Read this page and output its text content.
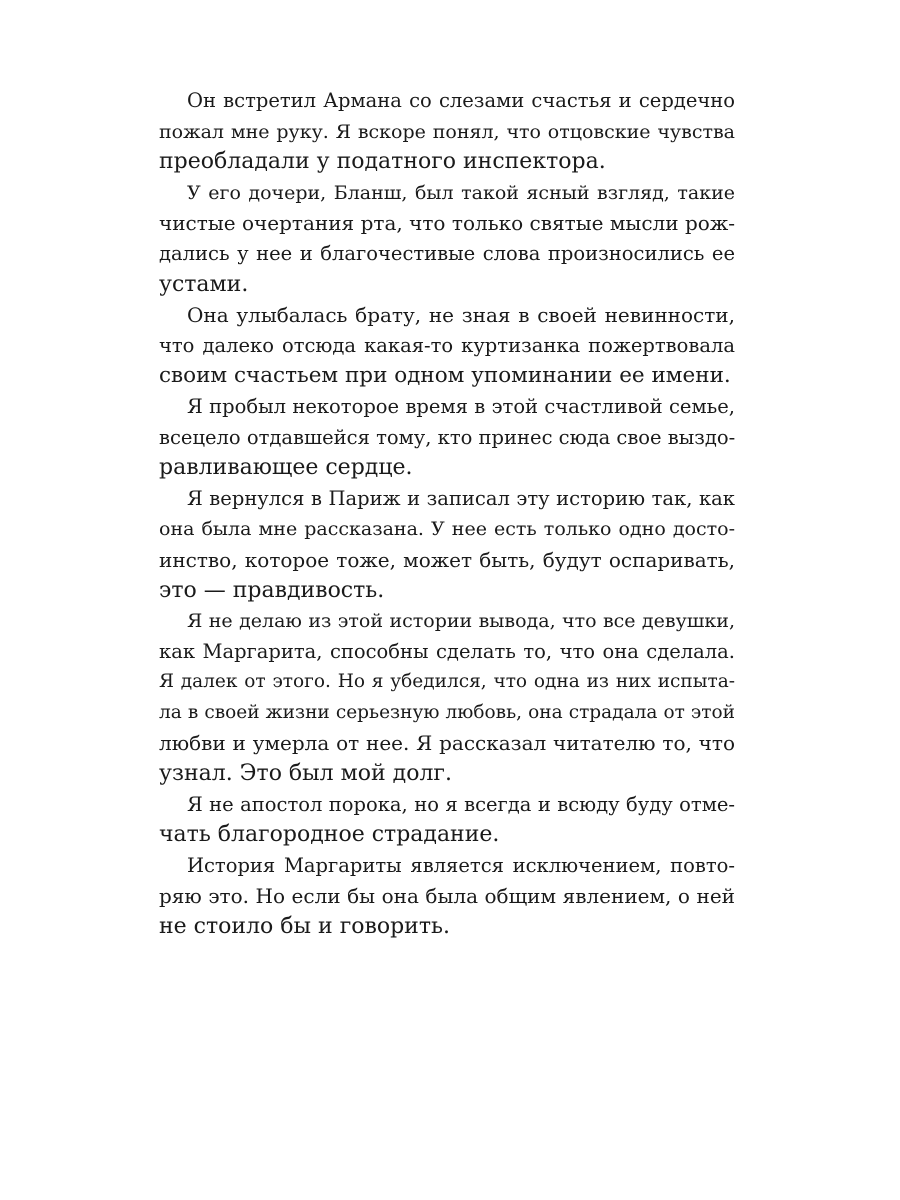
Он встретил Армана со слезами счастья и сердечно
пожал мне руку. Я вскоре понял, что отцовские чувства
преобладали у податного инспектора.
У его дочери, Бланш, был такой ясный взгляд, такие
чистые очертания рта, что только святые мысли рож-
дались у нее и благочестивые слова произносились ее
устами.
Она улыбалась брату, не зная в своей невинности,
что далеко отсюда какая-то куртизанка пожертвовала
своим счастьем при одном упоминании ее имени.
Я пробыл некоторое время в этой счастливой семье,
всецело отдавшейся тому, кто принес сюда свое выздо-
равливающее сердце.
Я вернулся в Париж и записал эту историю так, как
она была мне рассказана. У нее есть только одно досто-
инство, которое тоже, может быть, будут оспаривать,
это — правдивость.
Я не делаю из этой истории вывода, что все девушки,
как Маргарита, способны сделать то, что она сделала.
Я далек от этого. Но я убедился, что одна из них испыта-
ла в своей жизни серьезную любовь, она страдала от этой
любви и умерла от нее. Я рассказал читателю то, что
узнал. Это был мой долг.
Я не апостол порока, но я всегда и всюду буду отме-
чать благородное страдание.
История Маргариты является исключением, повто-
ряю это. Но если бы она была общим явлением, о ней
не стоило бы и говорить.
